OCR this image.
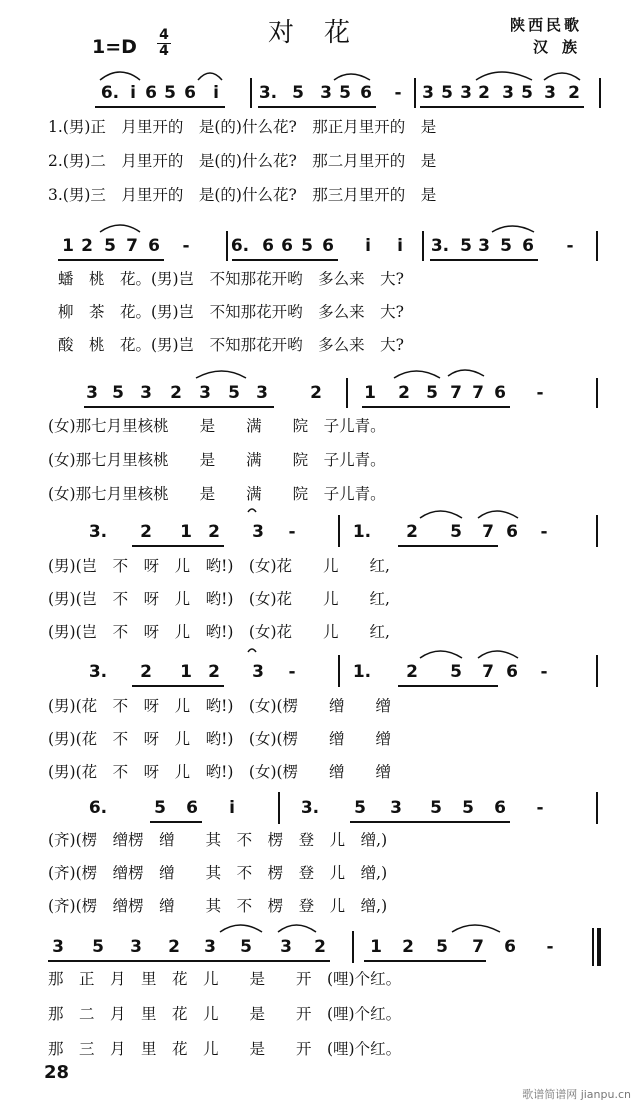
1=D
4
4
对花	陕西民歌
汉族
6. i 6 5 6 i 3. 5 3 5 6 - 3 5 3 2 3 5 3 2
1.(男)正　月里开的　是(的)什么花?　那正月里开的　是
2.(男)二　月里开的　是(的)什么花?　那二月里开的　是
3.(男)三　月里开的　是(的)什么花?　那三月里开的　是
1 2 5 7 6 - 6. 6 6 5 6 i i 3. 5 3 5 6 -
蟠　桃　花。(男)岂　不知那花开哟　多么来　大?
柳　茶　花。(男)岂　不知那花开哟　多么来　大?
酸　桃　花。(男)岂　不知那花开哟　多么来　大?
3 5 3 2 3 5 3 2 1 2 5 7 7 6 -
(女)那七月里核桃　　是　　满　　院　子儿青。
(女)那七月里核桃　　是　　满　　院　子儿青。
(女)那七月里核桃　　是　　满　　院　子儿青。
3. 2 1 2 3 -	1. 2 5 7 6 -
(男)(岂　不　呀　儿　哟!)　(女)花　　儿　　红,
(男)(岂　不　呀　儿　哟!)　(女)花　　儿　　红,
(男)(岂　不　呀　儿　哟!)　(女)花　　儿　　红,
3. 2 1 2 3 -	1. 2 5 7 6 -
(男)(花　不　呀　儿　哟!)　(女)(楞　　缯　　缯
(男)(花　不　呀　儿　哟!)　(女)(楞　　缯　　缯
(男)(花　不　呀　儿　哟!)　(女)(楞　　缯　　缯
6.	5 6 i	3. 5 3 5 5 6 -
(齐)(楞　缯楞　缯　　其　不　楞　登　儿　缯,)
(齐)(楞　缯楞　缯　　其　不　楞　登　儿　缯,)
(齐)(楞　缯楞　缯　　其　不　楞　登　儿　缯,)
3 5 3 2 3 5 3 2	1 2 5 7 6 -
那　正　月　里　花　儿　　是　　开　(哩)个红。
那　二　月　里　花　儿　　是　　开　(哩)个红。
那　三　月　里　花　儿　　是　　开　(哩)个红。
28
歌谱简谱网 jianpu.cn
